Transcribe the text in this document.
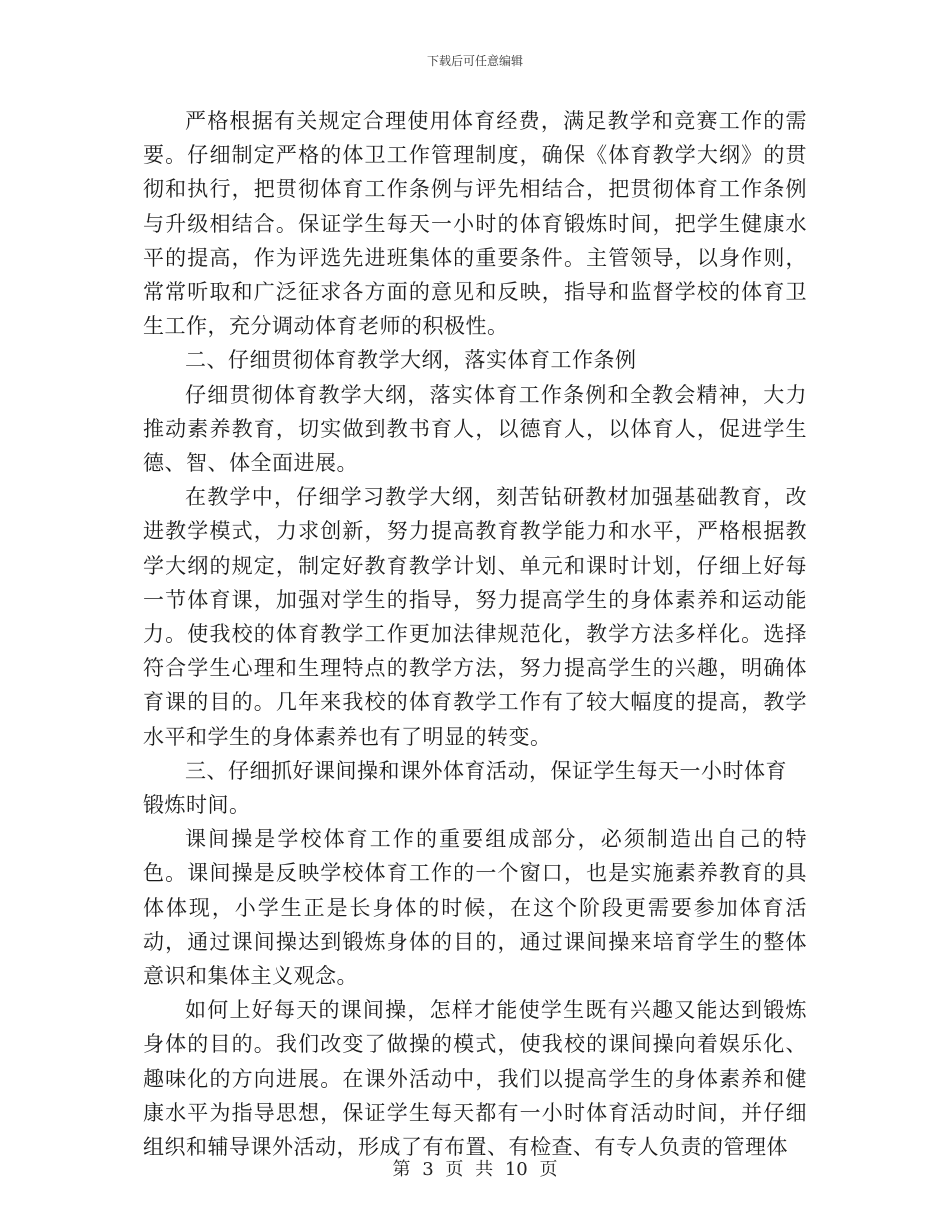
下载后可任意编辑

严格根据有关规定合理使用体育经费，满足教学和竞赛工作的需要。仔细制定严格的体卫工作管理制度，确保《体育教学大纲》的贯彻和执行，把贯彻体育工作条例与评先相结合，把贯彻体育工作条例与升级相结合。保证学生每天一小时的体育锻炼时间，把学生健康水平的提高，作为评选先进班集体的重要条件。主管领导，以身作则，常常听取和广泛征求各方面的意见和反映，指导和监督学校的体育卫生工作，充分调动体育老师的积极性。

二、仔细贯彻体育教学大纲，落实体育工作条例

仔细贯彻体育教学大纲，落实体育工作条例和全教会精神，大力推动素养教育，切实做到教书育人，以德育人，以体育人，促进学生德、智、体全面进展。

在教学中，仔细学习教学大纲，刻苦钻研教材加强基础教育，改进教学模式，力求创新，努力提高教育教学能力和水平，严格根据教学大纲的规定，制定好教育教学计划、单元和课时计划，仔细上好每一节体育课，加强对学生的指导，努力提高学生的身体素养和运动能力。使我校的体育教学工作更加法律规范化，教学方法多样化。选择符合学生心理和生理特点的教学方法，努力提高学生的兴趣，明确体育课的目的。几年来我校的体育教学工作有了较大幅度的提高，教学水平和学生的身体素养也有了明显的转变。

三、仔细抓好课间操和课外体育活动，保证学生每天一小时体育锻炼时间。

课间操是学校体育工作的重要组成部分，必须制造出自己的特色。课间操是反映学校体育工作的一个窗口，也是实施素养教育的具体体现，小学生正是长身体的时候，在这个阶段更需要参加体育活动，通过课间操达到锻炼身体的目的，通过课间操来培育学生的整体意识和集体主义观念。

如何上好每天的课间操，怎样才能使学生既有兴趣又能达到锻炼身体的目的。我们改变了做操的模式，使我校的课间操向着娱乐化、趣味化的方向进展。在课外活动中，我们以提高学生的身体素养和健康水平为指导思想，保证学生每天都有一小时体育活动时间，并仔细组织和辅导课外活动，形成了有布置、有检查、有专人负责的管理体

第 3 页 共 10 页
